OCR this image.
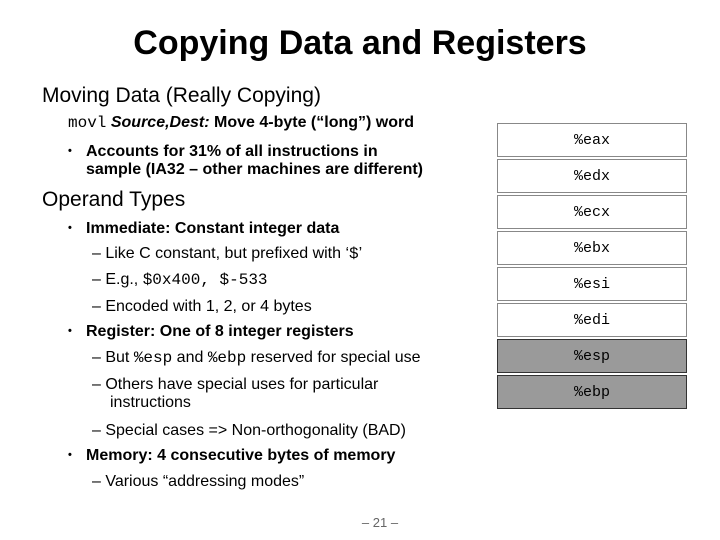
Copying Data and Registers
Moving Data (Really Copying)
movl Source,Dest: Move 4-byte (“long”) word
• Accounts for 31% of all instructions in
sample (IA32 – other machines are different)
Operand Types
• Immediate: Constant integer data
– Like C constant, but prefixed with ‘$’
– E.g., $0x400, $-533
– Encoded with 1, 2, or 4 bytes
• Register: One of 8 integer registers
– But %esp and %ebp reserved for special use
– Others have special uses for particular
instructions
– Special cases => Non-orthogonality (BAD)
• Memory: 4 consecutive bytes of memory
– Various “addressing modes”
%eax
%edx
%ecx
%ebx
%esi
%edi
%esp
%ebp
– 21 –
